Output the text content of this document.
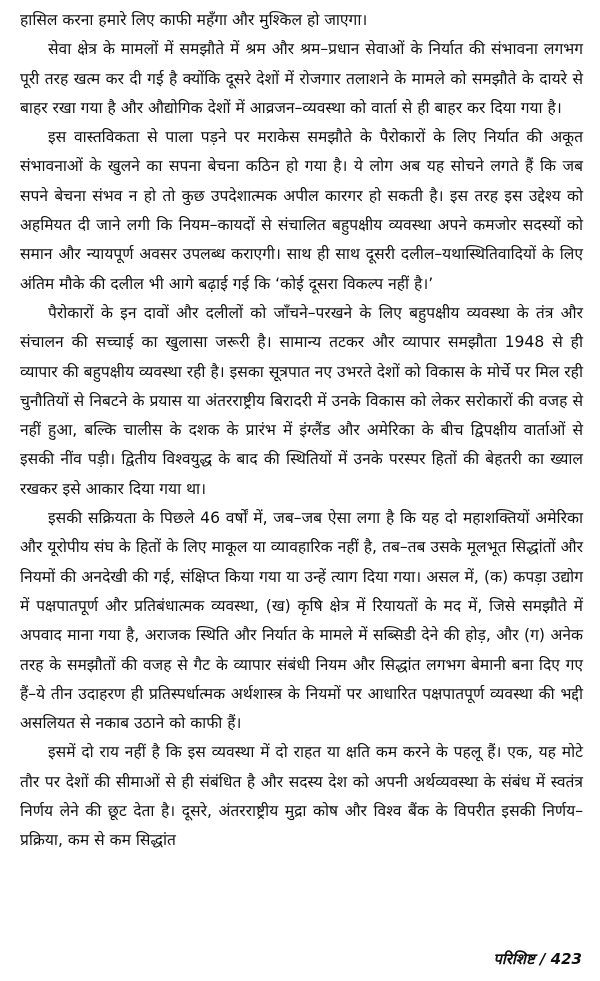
हासिल करना हमारे लिए काफी महँगा और मुश्किल हो जाएगा।

सेवा क्षेत्र के मामलों में समझौते में श्रम और श्रम–प्रधान सेवाओं के निर्यात की संभावना लगभग पूरी तरह खत्म कर दी गई है क्योंकि दूसरे देशों में रोजगार तलाशने के मामले को समझौते के दायरे से बाहर रखा गया है और औद्योगिक देशों में आव्रजन–व्यवस्था को वार्ता से ही बाहर कर दिया गया है।

इस वास्तविकता से पाला पड़ने पर मराकेस समझौते के पैरोकारों के लिए निर्यात की अकूत संभावनाओं के खुलने का सपना बेचना कठिन हो गया है। ये लोग अब यह सोचने लगते हैं कि जब सपने बेचना संभव न हो तो कुछ उपदेशात्मक अपील कारगर हो सकती है। इस तरह इस उद्देश्य को अहमियत दी जाने लगी कि नियम–कायदों से संचालित बहुपक्षीय व्यवस्था अपने कमजोर सदस्यों को समान और न्यायपूर्ण अवसर उपलब्ध कराएगी। साथ ही साथ दूसरी दलील–यथास्थितिवादियों के लिए अंतिम मौके की दलील भी आगे बढ़ाई गई कि ‘कोई दूसरा विकल्प नहीं है।’

पैरोकारों के इन दावों और दलीलों को जाँचने–परखने के लिए बहुपक्षीय व्यवस्था के तंत्र और संचालन की सच्चाई का खुलासा जरूरी है। सामान्य तटकर और व्यापार समझौता 1948 से ही व्यापार की बहुपक्षीय व्यवस्था रही है। इसका सूत्रपात नए उभरते देशों को विकास के मोर्चे पर मिल रही चुनौतियों से निबटने के प्रयास या अंतरराष्ट्रीय बिरादरी में उनके विकास को लेकर सरोकारों की वजह से नहीं हुआ, बल्कि चालीस के दशक के प्रारंभ में इंग्लैंड और अमेरिका के बीच द्विपक्षीय वार्ताओं से इसकी नींव पड़ी। द्वितीय विश्वयुद्ध के बाद की स्थितियों में उनके परस्पर हितों की बेहतरी का ख्याल रखकर इसे आकार दिया गया था।

इसकी सक्रियता के पिछले 46 वर्षों में, जब–जब ऐसा लगा है कि यह दो महाशक्तियों अमेरिका और यूरोपीय संघ के हितों के लिए माकूल या व्यावहारिक नहीं है, तब–तब उसके मूलभूत सिद्धांतों और नियमों की अनदेखी की गई, संक्षिप्त किया गया या उन्हें त्याग दिया गया। असल में, (क) कपड़ा उद्योग में पक्षपातपूर्ण और प्रतिबंधात्मक व्यवस्था, (ख) कृषि क्षेत्र में रियायतों के मद में, जिसे समझौते में अपवाद माना गया है, अराजक स्थिति और निर्यात के मामले में सब्सिडी देने की होड़, और (ग) अनेक तरह के समझौतों की वजह से गैट के व्यापार संबंधी नियम और सिद्धांत लगभग बेमानी बना दिए गए हैं–ये तीन उदाहरण ही प्रतिस्पर्धात्मक अर्थशास्त्र के नियमों पर आधारित पक्षपातपूर्ण व्यवस्था की भद्दी असलियत से नकाब उठाने को काफी हैं।

इसमें दो राय नहीं है कि इस व्यवस्था में दो राहत या क्षति कम करने के पहलू हैं। एक, यह मोटे तौर पर देशों की सीमाओं से ही संबंधित है और सदस्य देश को अपनी अर्थव्यवस्था के संबंध में स्वतंत्र निर्णय लेने की छूट देता है। दूसरे, अंतरराष्ट्रीय मुद्रा कोष और विश्व बैंक के विपरीत इसकी निर्णय–प्रक्रिया, कम से कम सिद्धांत

परिशिष्ट / 423
